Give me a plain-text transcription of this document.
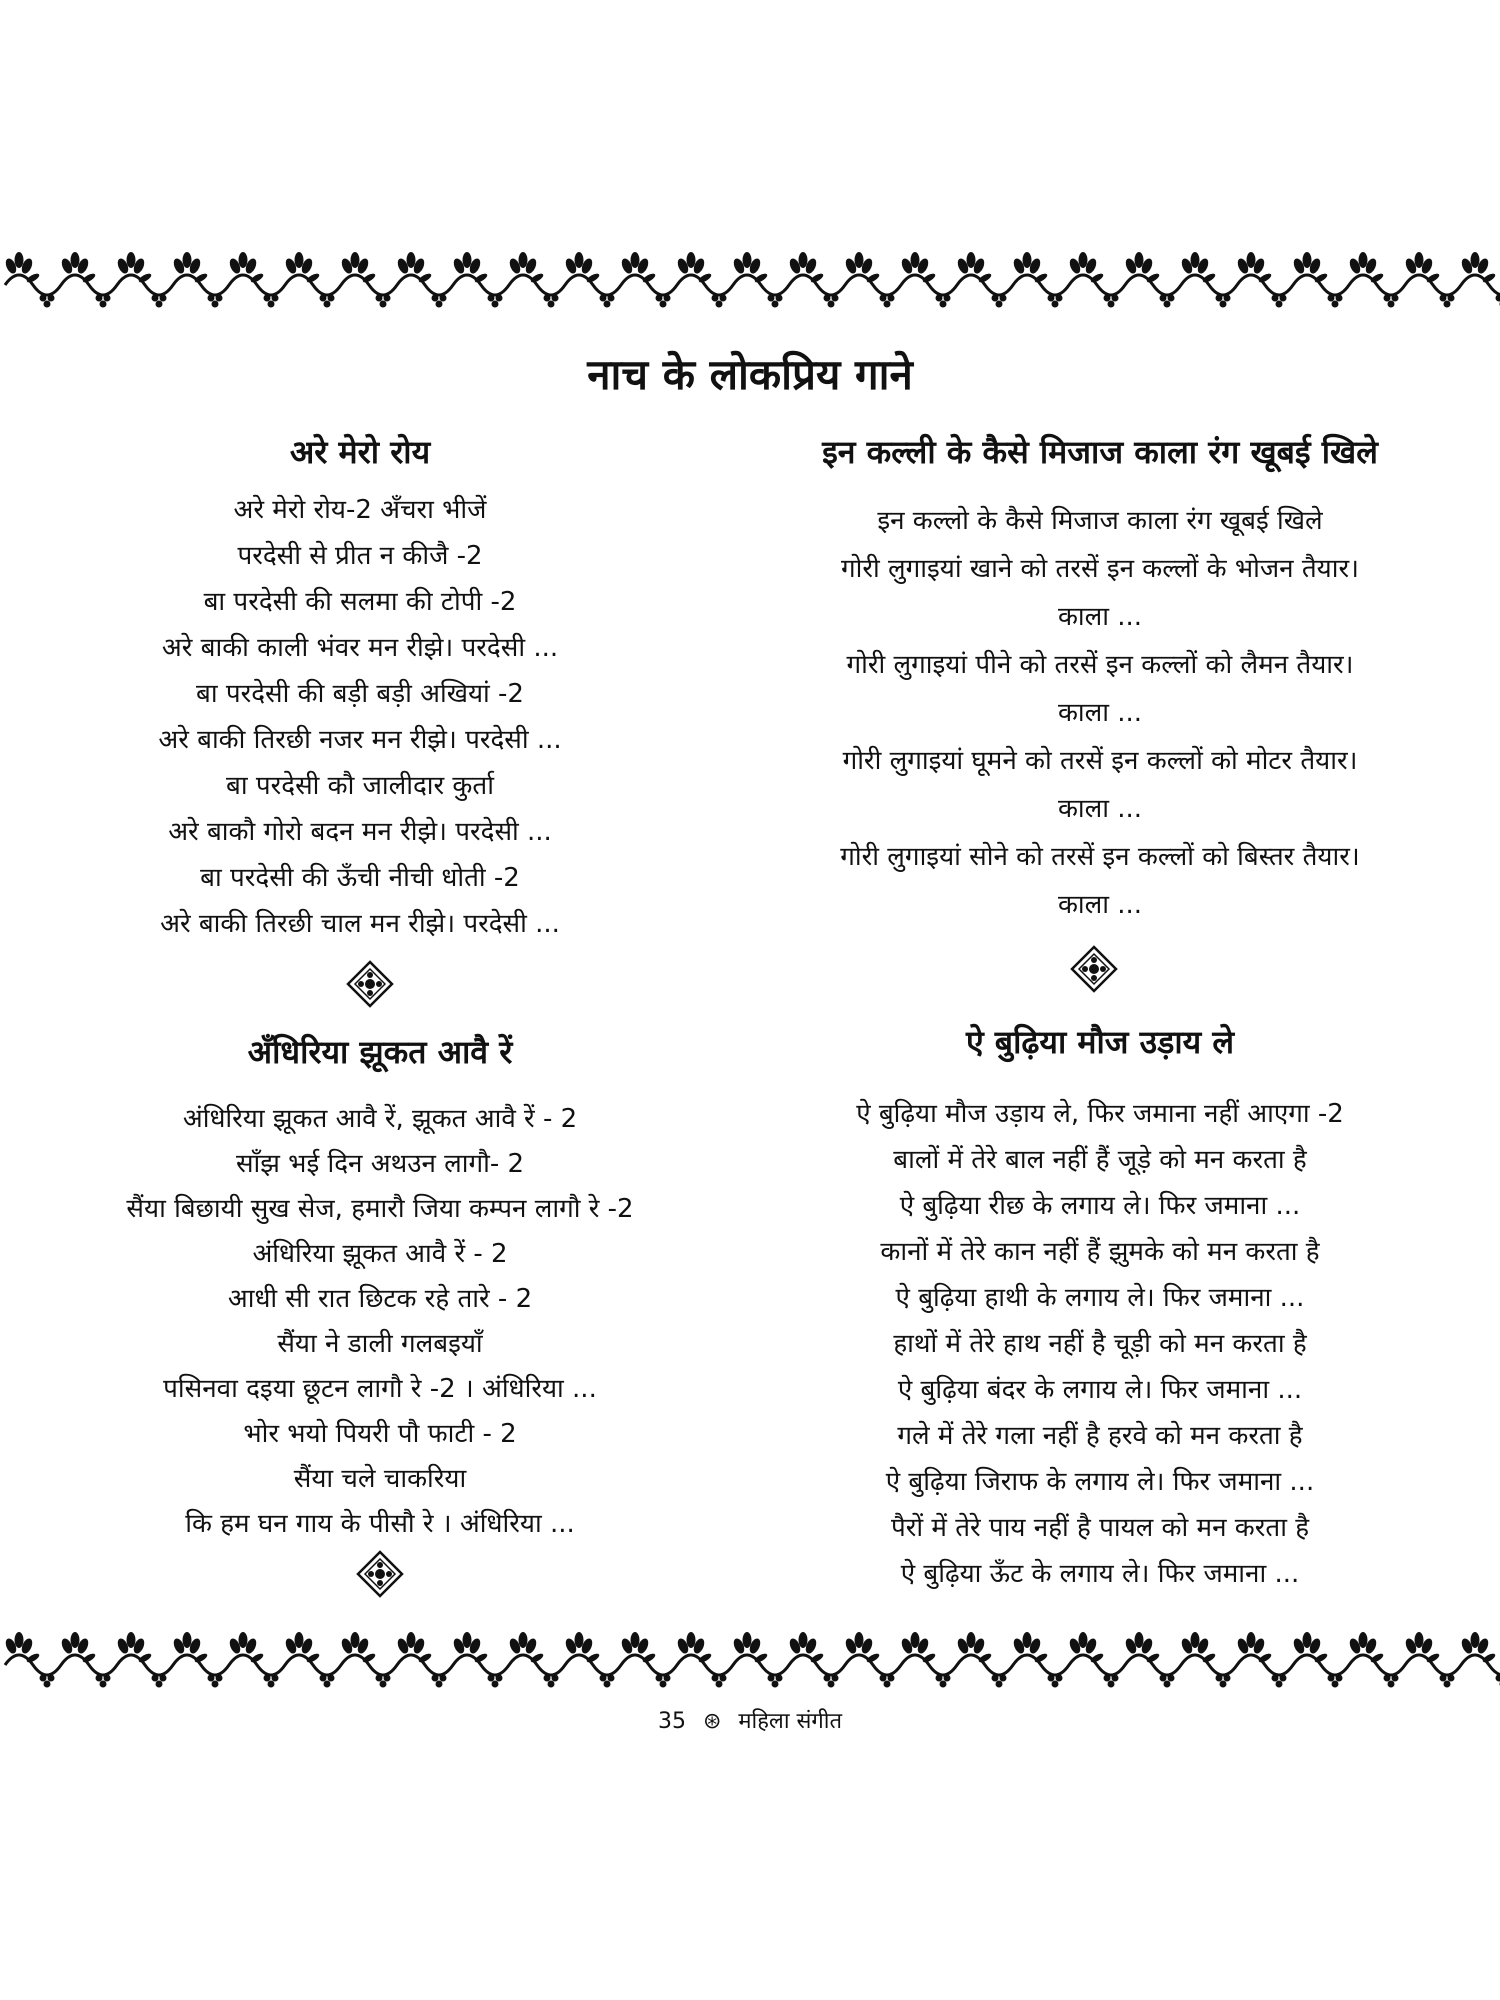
नाच के लोकप्रिय गाने
अरे मेरो रोय
अरे मेरो रोय-2 अँचरा भीजें
परदेसी से प्रीत न कीजै -2
बा परदेसी की सलमा की टोपी -2
अरे बाकी काली भंवर मन रीझे। परदेसी ...
बा परदेसी की बड़ी बड़ी अखियां -2
अरे बाकी तिरछी नजर मन रीझे। परदेसी ...
बा परदेसी कौ जालीदार कुर्ता
अरे बाकौ गोरो बदन मन रीझे। परदेसी ...
बा परदेसी की ऊँची नीची धोती -2
अरे बाकी तिरछी चाल मन रीझे। परदेसी ...
इन कल्ली के कैसे मिजाज काला रंग खूबई खिले
इन कल्लो के कैसे मिजाज काला रंग खूबई खिले
गोरी लुगाइयां खाने को तरसें इन कल्लों के भोजन तैयार।
काला ...
गोरी लुगाइयां पीने को तरसें इन कल्लों को लैमन तैयार।
काला ...
गोरी लुगाइयां घूमने को तरसें इन कल्लों को मोटर तैयार।
काला ...
गोरी लुगाइयां सोने को तरसें इन कल्लों को बिस्तर तैयार।
काला ...
अँधिरिया झूकत आवै रें
अंधिरिया झूकत आवै रें, झूकत आवै रें - 2
साँझ भई दिन अथउन लागौ- 2
सैंया बिछायी सुख सेज, हमारौ जिया कम्पन लागौ रे -2
अंधिरिया झूकत आवै रें - 2
आधी सी रात छिटक रहे तारे - 2
सैंया ने डाली गलबइयाँ
पसिनवा दइया छूटन लागौ रे -2 । अंधिरिया ...
भोर भयो पियरी पौ फाटी - 2
सैंया चले चाकरिया
कि हम घन गाय के पीसौ रे । अंधिरिया ...
ऐ बुढ़िया मौज उड़ाय ले
ऐ बुढ़िया मौज उड़ाय ले, फिर जमाना नहीं आएगा -2
बालों में तेरे बाल नहीं हैं जूड़े को मन करता है
ऐ बुढ़िया रीछ के लगाय ले। फिर जमाना ...
कानों में तेरे कान नहीं हैं झुमके को मन करता है
ऐ बुढ़िया हाथी के लगाय ले। फिर जमाना ...
हाथों में तेरे हाथ नहीं है चूड़ी को मन करता है
ऐ बुढ़िया बंदर के लगाय ले। फिर जमाना ...
गले में तेरे गला नहीं है हरवे को मन करता है
ऐ बुढ़िया जिराफ के लगाय ले। फिर जमाना ...
पैरों में तेरे पाय नहीं है पायल को मन करता है
ऐ बुढ़िया ऊँट के लगाय ले। फिर जमाना ...
35 ⊛ महिला संगीत
